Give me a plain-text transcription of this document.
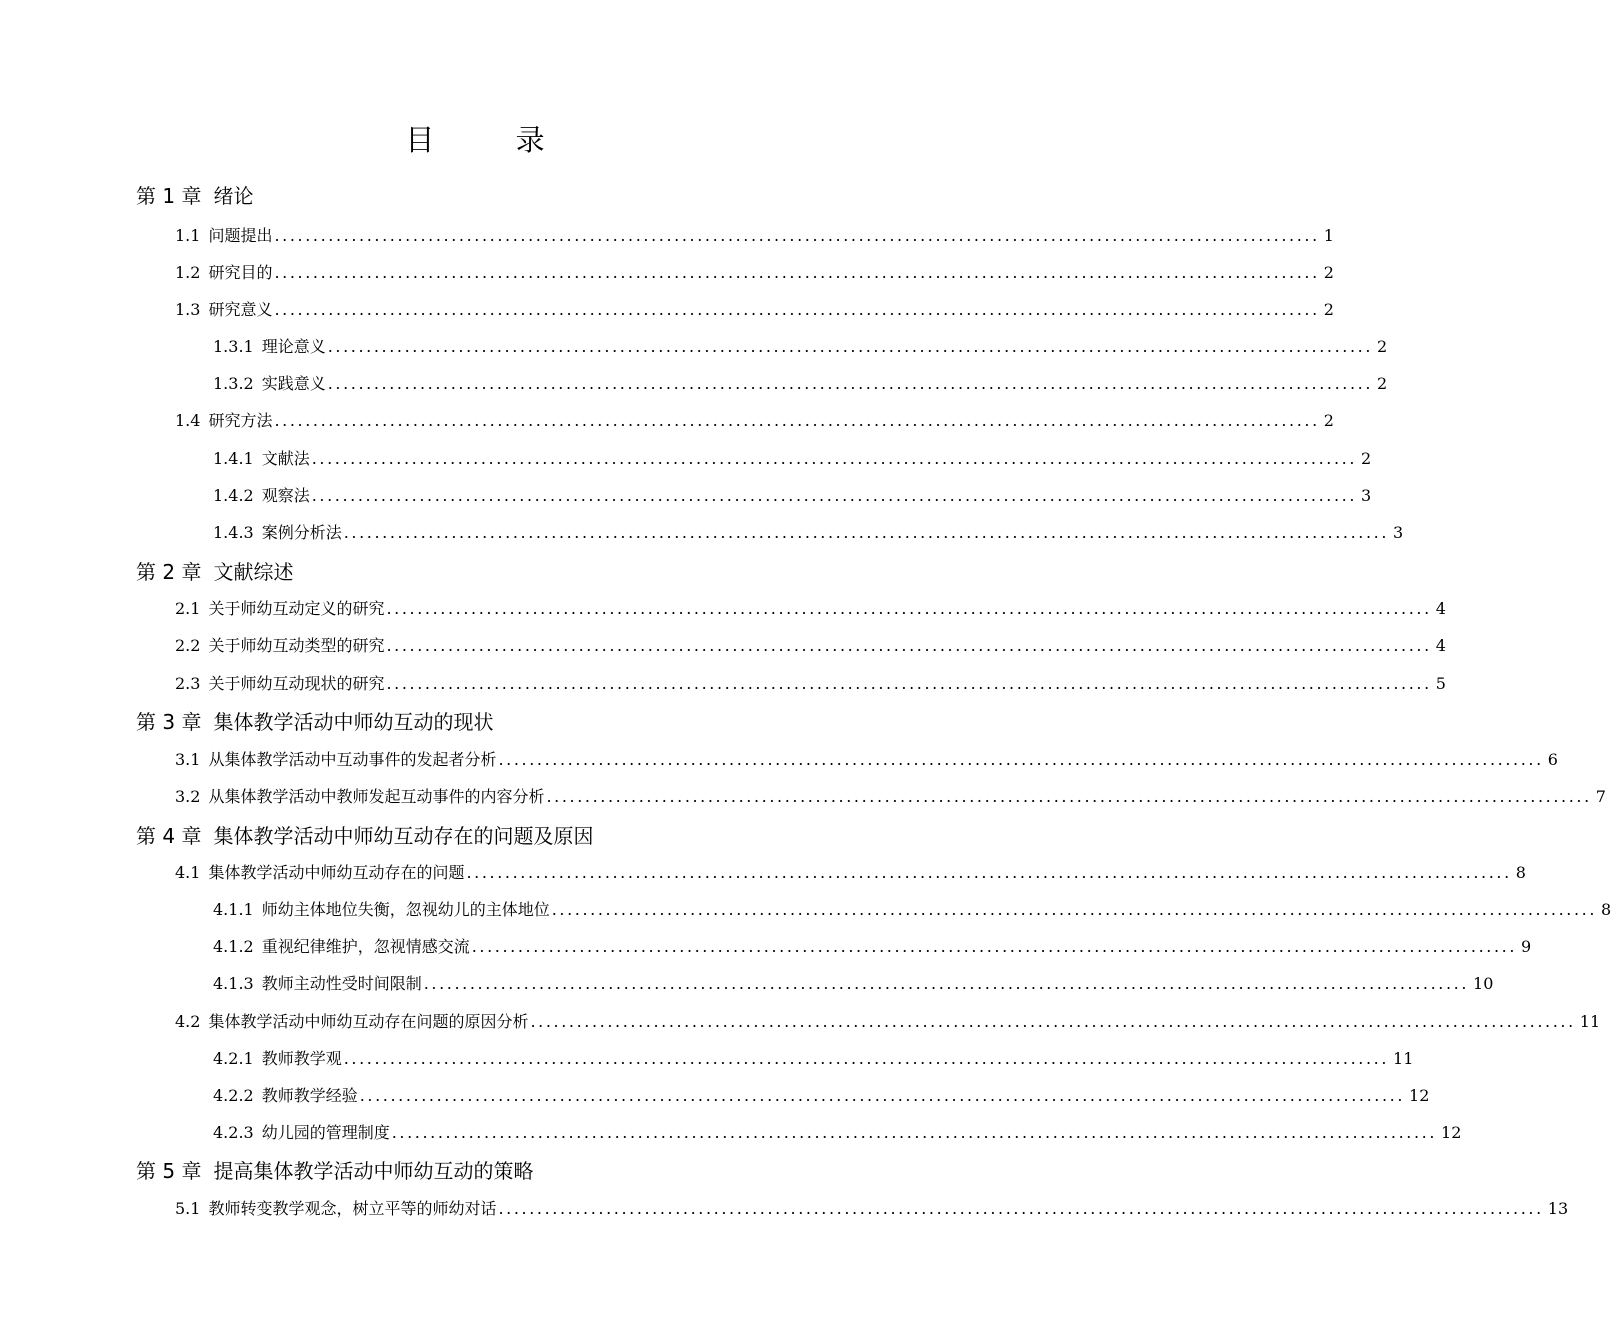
目 录
第 1 章 绪论
1.1 问题提出 ........................................................................................................................................ 1
1.2 研究目的 ........................................................................................................................................ 2
1.3 研究意义 ........................................................................................................................................ 2
1.3.1 理论意义 ........................................................................................................................................ 2
1.3.2 实践意义 ........................................................................................................................................ 2
1.4 研究方法 ........................................................................................................................................ 2
1.4.1 文献法 ........................................................................................................................................ 2
1.4.2 观察法 ........................................................................................................................................ 3
1.4.3 案例分析法 ........................................................................................................................................ 3
第 2 章 文献综述
2.1 关于师幼互动定义的研究 ........................................................................................................................................ 4
2.2 关于师幼互动类型的研究 ........................................................................................................................................ 4
2.3 关于师幼互动现状的研究 ........................................................................................................................................ 5
第 3 章 集体教学活动中师幼互动的现状
3.1 从集体教学活动中互动事件的发起者分析 ........................................................................................................................................ 6
3.2 从集体教学活动中教师发起互动事件的内容分析 ........................................................................................................................................ 7
第 4 章 集体教学活动中师幼互动存在的问题及原因
4.1 集体教学活动中师幼互动存在的问题 ........................................................................................................................................ 8
4.1.1 师幼主体地位失衡，忽视幼儿的主体地位 ........................................................................................................................................ 8
4.1.2 重视纪律维护，忽视情感交流 ........................................................................................................................................ 9
4.1.3 教师主动性受时间限制 ........................................................................................................................................ 10
4.2 集体教学活动中师幼互动存在问题的原因分析 ........................................................................................................................................ 11
4.2.1 教师教学观 ........................................................................................................................................ 11
4.2.2 教师教学经验 ........................................................................................................................................ 12
4.2.3 幼儿园的管理制度 ........................................................................................................................................ 12
第 5 章 提高集体教学活动中师幼互动的策略
5.1 教师转变教学观念，树立平等的师幼对话 ........................................................................................................................................ 13
